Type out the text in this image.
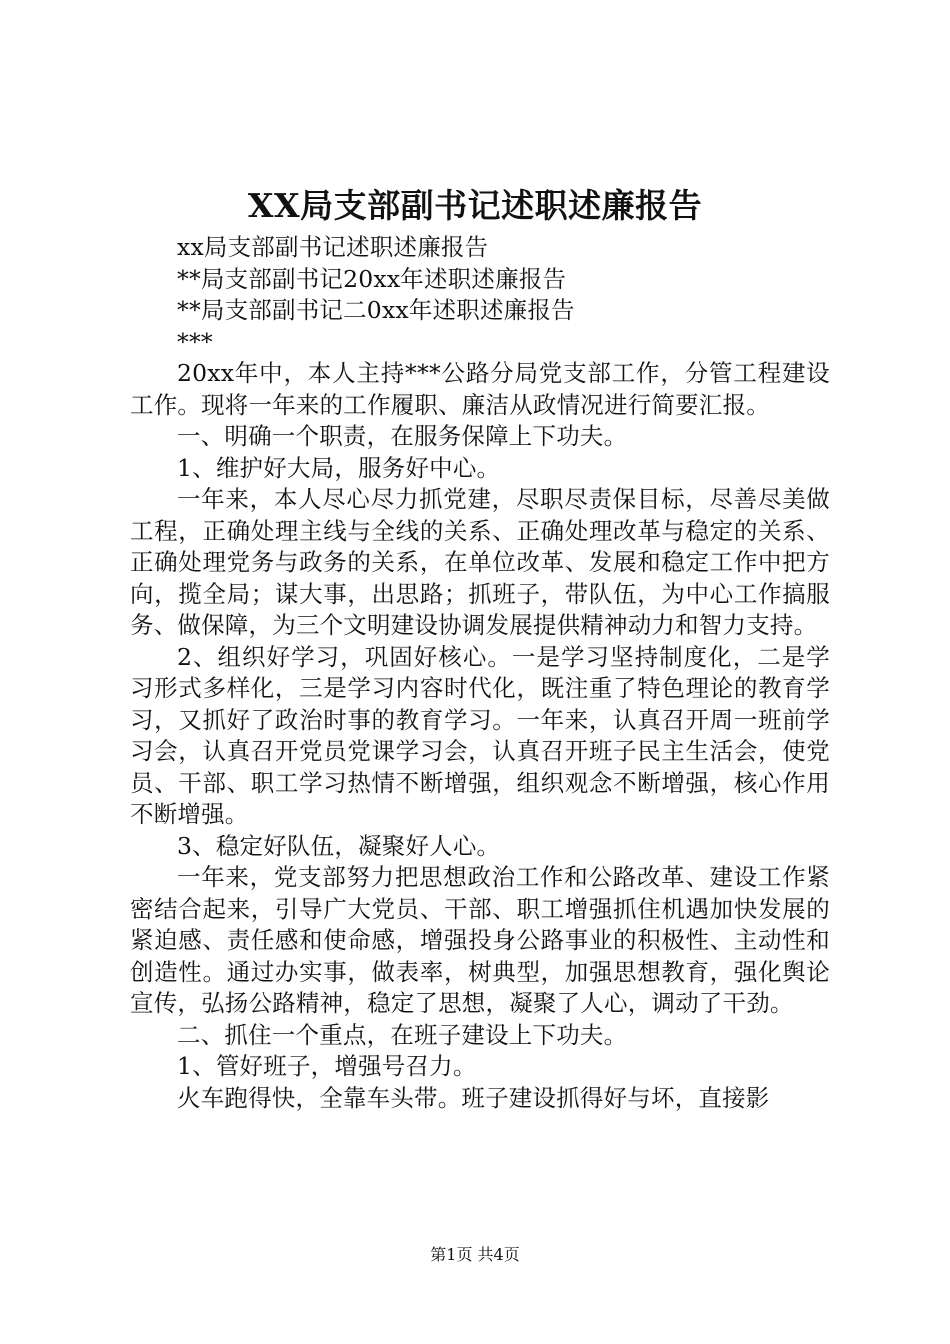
XX局支部副书记述职述廉报告

xx局支部副书记述职述廉报告

**局支部副书记20xx年述职述廉报告

**局支部副书记二0xx年述职述廉报告

***

20xx年中，本人主持***公路分局党支部工作，分管工程建设工作。现将一年来的工作履职、廉洁从政情况进行简要汇报。

一、明确一个职责，在服务保障上下功夫。

1、维护好大局，服务好中心。

一年来，本人尽心尽力抓党建，尽职尽责保目标，尽善尽美做工程，正确处理主线与全线的关系、正确处理改革与稳定的关系、正确处理党务与政务的关系，在单位改革、发展和稳定工作中把方向，揽全局；谋大事，出思路；抓班子，带队伍，为中心工作搞服务、做保障，为三个文明建设协调发展提供精神动力和智力支持。

2、组织好学习，巩固好核心。一是学习坚持制度化，二是学习形式多样化，三是学习内容时代化，既注重了特色理论的教育学习，又抓好了政治时事的教育学习。一年来，认真召开周一班前学习会，认真召开党员党课学习会，认真召开班子民主生活会，使党员、干部、职工学习热情不断增强，组织观念不断增强，核心作用不断增强。

3、稳定好队伍，凝聚好人心。

一年来，党支部努力把思想政治工作和公路改革、建设工作紧密结合起来，引导广大党员、干部、职工增强抓住机遇加快发展的紧迫感、责任感和使命感，增强投身公路事业的积极性、主动性和创造性。通过办实事，做表率，树典型，加强思想教育，强化舆论宣传，弘扬公路精神，稳定了思想，凝聚了人心，调动了干劲。

二、抓住一个重点，在班子建设上下功夫。

1、管好班子，增强号召力。

火车跑得快，全靠车头带。班子建设抓得好与坏，直接影

第1页 共4页
